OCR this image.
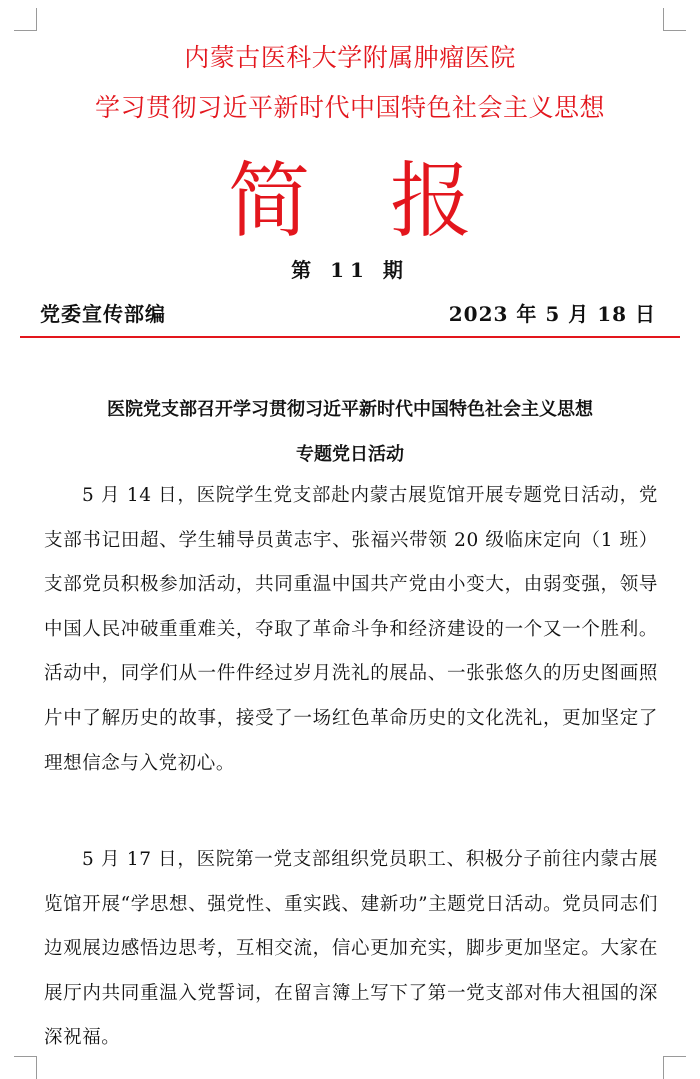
内蒙古医科大学附属肿瘤医院
学习贯彻习近平新时代中国特色社会主义思想
简报
第 11 期
党委宣传部编	2023 年 5 月 18 日
医院党支部召开学习贯彻习近平新时代中国特色社会主义思想
专题党日活动

5 月 14 日，医院学生党支部赴内蒙古展览馆开展专题党日活动，党支部书记田超、学生辅导员黄志宇、张福兴带领 20 级临床定向（1 班）支部党员积极参加活动，共同重温中国共产党由小变大，由弱变强，领导中国人民冲破重重难关，夺取了革命斗争和经济建设的一个又一个胜利。活动中，同学们从一件件经过岁月洗礼的展品、一张张悠久的历史图画照片中了解历史的故事，接受了一场红色革命历史的文化洗礼，更加坚定了理想信念与入党初心。

5 月 17 日，医院第一党支部组织党员职工、积极分子前往内蒙古展览馆开展“学思想、强党性、重实践、建新功”主题党日活动。党员同志们边观展边感悟边思考，互相交流，信心更加充实，脚步更加坚定。大家在展厅内共同重温入党誓词，在留言簿上写下了第一党支部对伟大祖国的深深祝福。
